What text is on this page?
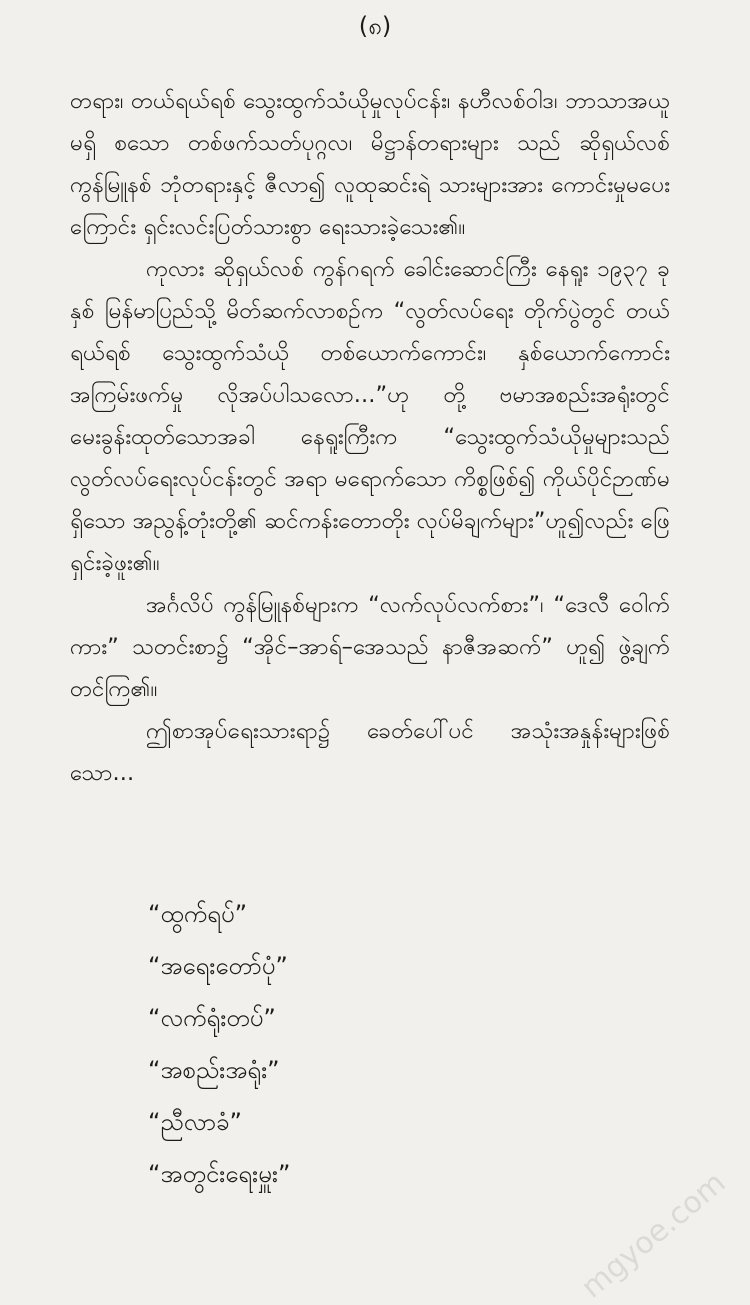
(၈)

တရား၊ တယ်ရယ်ရစ် သွေးထွက်သံယိုမှုလုပ်ငန်း၊ နဟီလစ်ဝါဒ၊ ဘာသာအယူမရှိ စသော တစ်ဖက်သတ်ပုဂ္ဂလ၊ မိဋ္ဌာန်တရားများ သည် ဆိုရှယ်လစ် ကွန်မြူနစ် ဘုံတရားနှင့် ဇီလာ၍ လူထုဆင်းရဲ သားများအား ကောင်းမှုမပေးကြောင်း ရှင်းလင်းပြတ်သားစွာ ရေးသားခဲ့သေး၏။

ကုလား ဆိုရှယ်လစ် ကွန်ဂရက် ခေါင်းဆောင်ကြီး နေရူး ၁၉၃၇ ခုနှစ် မြန်မာပြည်သို့ မိတ်ဆက်လာစဉ်က “လွတ်လပ်ရေး တိုက်ပွဲတွင် တယ်ရယ်ရစ် သွေးထွက်သံယို တစ်ယောက်ကောင်း၊ နှစ်ယောက်ကောင်း အကြမ်းဖက်မှု လိုအပ်ပါသလော...”ဟု တို့ ဗမာအစည်းအရုံးတွင် မေးခွန်းထုတ်သောအခါ နေရူးကြီးက “သွေးထွက်သံယိုမှုများသည် လွတ်လပ်ရေးလုပ်ငန်းတွင် အရာ မရောက်သော ကိစ္စဖြစ်၍ ကိုယ်ပိုင်ဉာဏ်မရှိသော အညွန့်တုံးတို့၏ ဆင်ကန်းတောတိုး လုပ်မိချက်များ”ဟူ၍လည်း ဖြေရှင်းခဲ့ဖူး၏။

အင်္ဂလိပ် ကွန်မြူနစ်များက “လက်လုပ်လက်စား”၊ “ဒေလီ ဝေါက်ကား” သတင်းစာ၌ “အိုင်–အာရ်–အေသည် နာဇီအဆက်” ဟူ၍ ဖွဲ့ချက်တင်ကြ၏။

ဤစာအုပ်ရေးသားရာ၌ ခေတ်ပေါ်ပင် အသုံးအနှုန်းများဖြစ် သော...

“ထွက်ရပ်”
“အရေးတော်ပုံ”
“လက်ရုံးတပ်”
“အစည်းအရုံး”
“ညီလာခံ”
“အတွင်းရေးမှူး”	mgyoe.com
